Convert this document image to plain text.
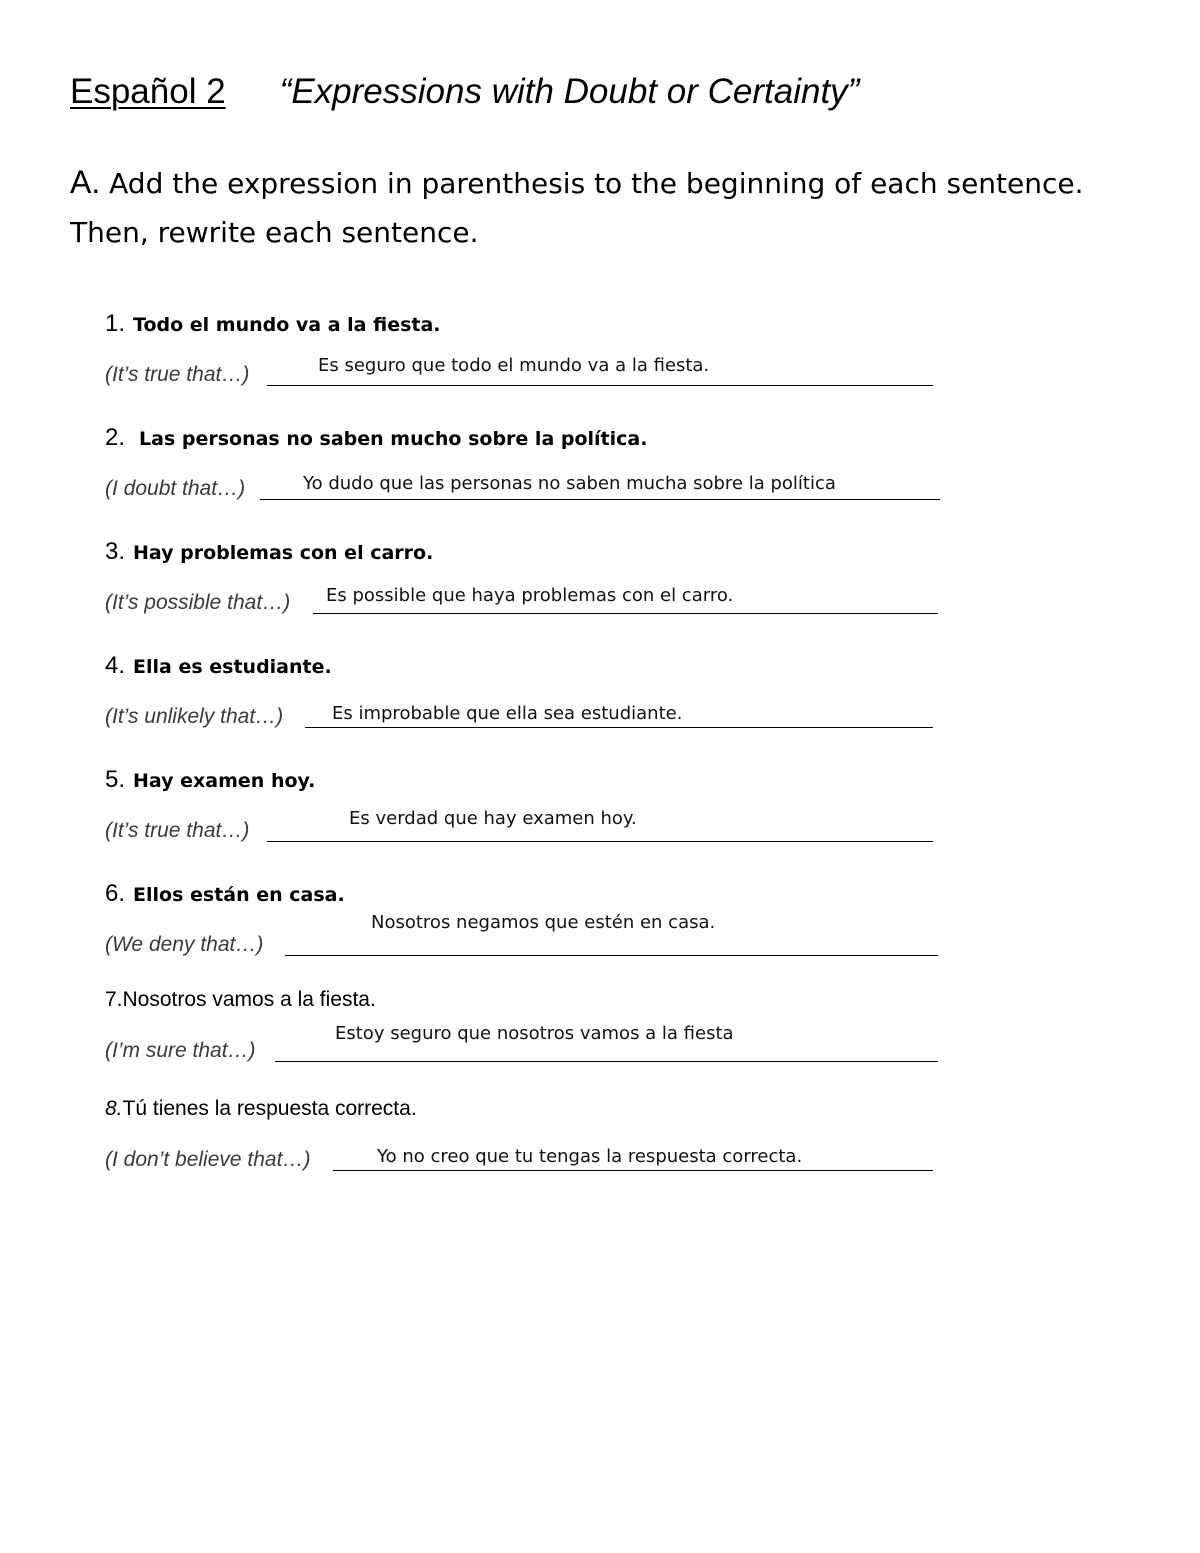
Español 2 “Expressions with Doubt or Certainty”
A. Add the expression in parenthesis to the beginning of each sentence. Then, rewrite each sentence.
1. Todo el mundo va a la fiesta.
(It’s true that…)	Es seguro que todo el mundo va a la fiesta.
2. Las personas no saben mucho sobre la política.
(I doubt that…)	Yo dudo que las personas no saben mucha sobre la política
3. Hay problemas con el carro.
(It’s possible that…) Es possible que haya problemas con el carro.
4. Ella es estudiante.
(It’s unlikely that…)	Es improbable que ella sea estudiante.
5. Hay examen hoy.
(It’s true that…)
Es verdad que hay examen hoy.
6. Ellos están en casa.
(We deny that…)
Nosotros negamos que estén en casa.
7.Nosotros vamos a la fiesta.
(I’m sure that…)
Estoy seguro que nosotros vamos a la fiesta
8.Tú tienes la respuesta correcta.
(I don’t believe that…)	Yo no creo que tu tengas la respuesta correcta.
